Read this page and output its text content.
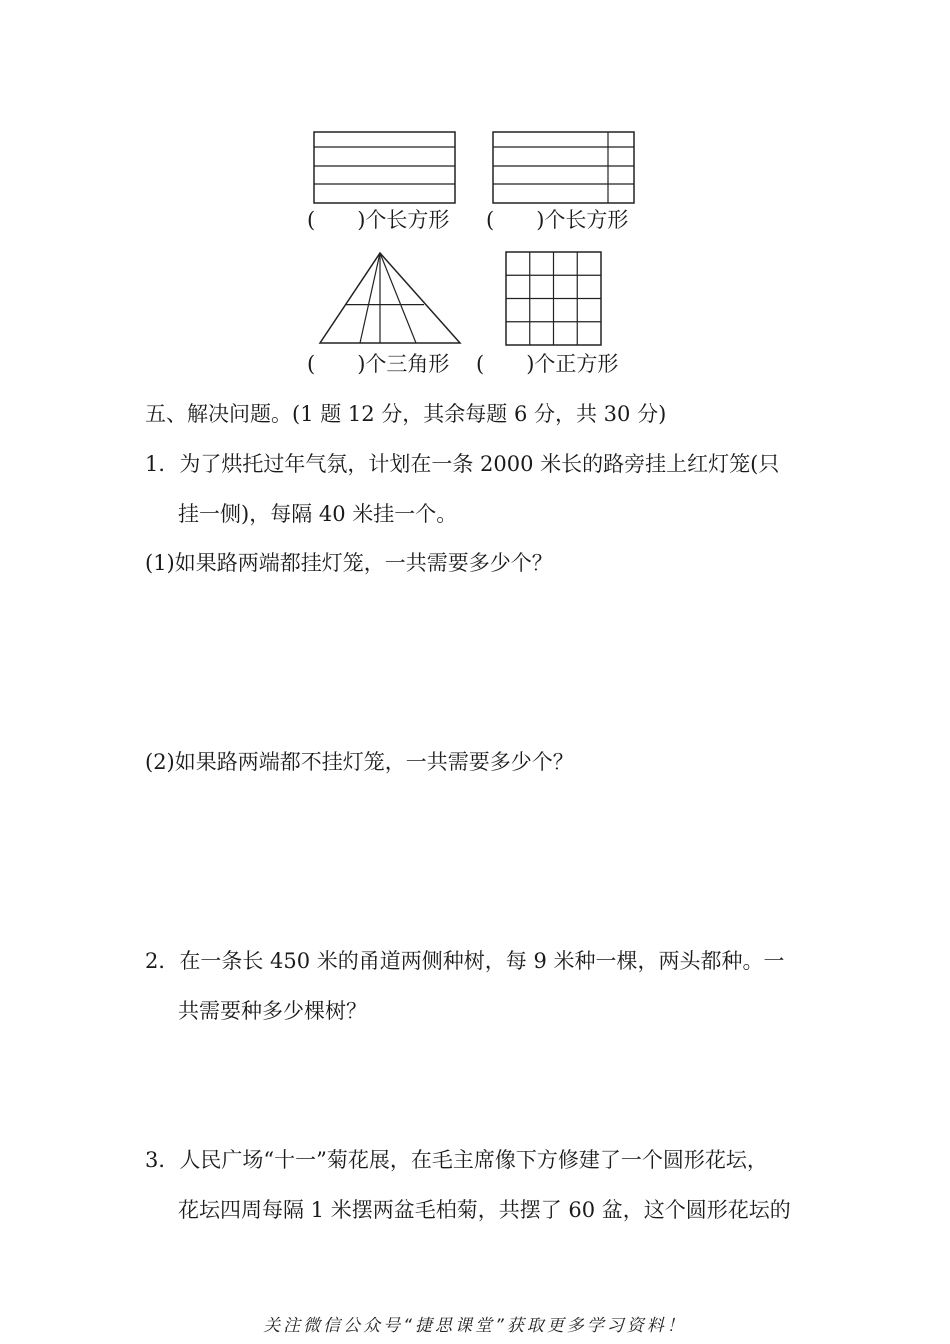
(　　)个长方形 (　　)个长方形
(　　)个三角形 (　　)个正方形
五、解决问题。(1 题 12 分，其余每题 6 分，共 30 分)
1．为了烘托过年气氛，计划在一条 2000 米长的路旁挂上红灯笼(只
挂一侧)，每隔 40 米挂一个。
(1)如果路两端都挂灯笼，一共需要多少个？
(2)如果路两端都不挂灯笼，一共需要多少个？
2．在一条长 450 米的甬道两侧种树，每 9 米种一棵，两头都种。一
共需要种多少棵树？
3．人民广场“十一”菊花展，在毛主席像下方修建了一个圆形花坛，
花坛四周每隔 1 米摆两盆毛柏菊，共摆了 60 盆，这个圆形花坛的
关注微信公众号“捷思课堂”获取更多学习资料！
